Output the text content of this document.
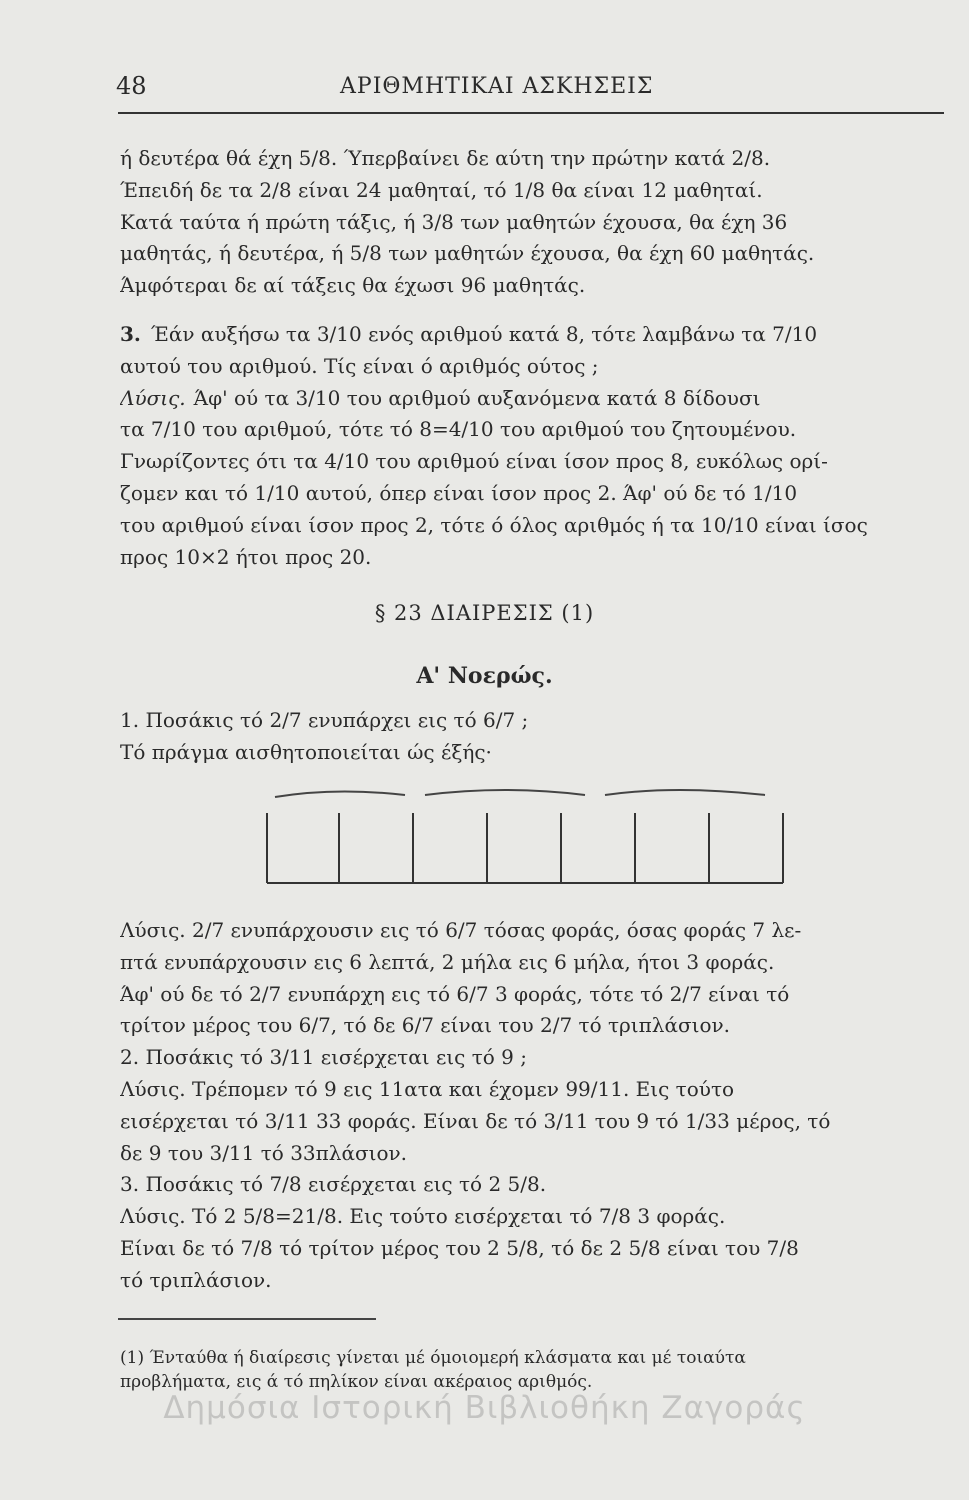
48	ΑΡΙΘΜΗΤΙΚΑΙ ΑΣΚΗΣΕΙΣ
ή δευτέρα θά έχη 5/8. Ύπερβαίνει δε αύτη την πρώτην κατά 2/8.
Έπειδή δε τα 2/8 είναι 24 μαθηταί, τό 1/8 θα είναι 12 μαθηταί.
Κατά ταύτα ή πρώτη τάξις, ή 3/8 των μαθητών έχουσα, θα έχη 36
μαθητάς, ή δευτέρα, ή 5/8 των μαθητών έχουσα, θα έχη 60 μαθητάς.
Άμφότεραι δε αί τάξεις θα έχωσι 96 μαθητάς.
3. Έάν αυξήσω τα 3/10 ενός αριθμού κατά 8, τότε λαμβάνω τα 7/10
αυτού του αριθμού. Τίς είναι ό αριθμός ούτος ;
Λύσις. Άφ' ού τα 3/10 του αριθμού αυξανόμενα κατά 8 δίδουσι
τα 7/10 του αριθμού, τότε τό 8=4/10 του αριθμού του ζητουμένου.
Γνωρίζοντες ότι τα 4/10 του αριθμού είναι ίσον προς 8, ευκόλως ορί-
ζομεν και τό 1/10 αυτού, όπερ είναι ίσον προς 2. Άφ' ού δε τό 1/10
του αριθμού είναι ίσον προς 2, τότε ό όλος αριθμός ή τα 10/10 είναι ίσος
προς 10×2 ήτοι προς 20.
§ 23 ΔΙΑΙΡΕΣΙΣ (1)
Α' Νοερώς.
1. Ποσάκις τό 2/7 ενυπάρχει εις τό 6/7 ;
Τό πράγμα αισθητοποιείται ώς έξής·
Λύσις. 2/7 ενυπάρχουσιν εις τό 6/7 τόσας φοράς, όσας φοράς 7 λε-
πτά ενυπάρχουσιν εις 6 λεπτά, 2 μήλα εις 6 μήλα, ήτοι 3 φοράς.
Άφ' ού δε τό 2/7 ενυπάρχη εις τό 6/7 3 φοράς, τότε τό 2/7 είναι τό
τρίτον μέρος του 6/7, τό δε 6/7 είναι του 2/7 τό τριπλάσιον.
2. Ποσάκις τό 3/11 εισέρχεται εις τό 9 ;
Λύσις. Τρέπομεν τό 9 εις 11ατα και έχομεν 99/11. Εις τούτο
εισέρχεται τό 3/11 33 φοράς. Είναι δε τό 3/11 του 9 τό 1/33 μέρος, τό
δε 9 του 3/11 τό 33πλάσιον.
3. Ποσάκις τό 7/8 εισέρχεται εις τό 2 5/8.
Λύσις. Τό 2 5/8=21/8. Εις τούτο εισέρχεται τό 7/8 3 φοράς.
Είναι δε τό 7/8 τό τρίτον μέρος του 2 5/8, τό δε 2 5/8 είναι του 7/8
τό τριπλάσιον.
(1) Ένταύθα ή διαίρεσις γίνεται μέ όμοιομερή κλάσματα και μέ τοιαύτα
προβλήματα, εις ά τό πηλίκον είναι ακέραιος αριθμός.
Δημόσια Ιστορική Βιβλιοθήκη Ζαγοράς
